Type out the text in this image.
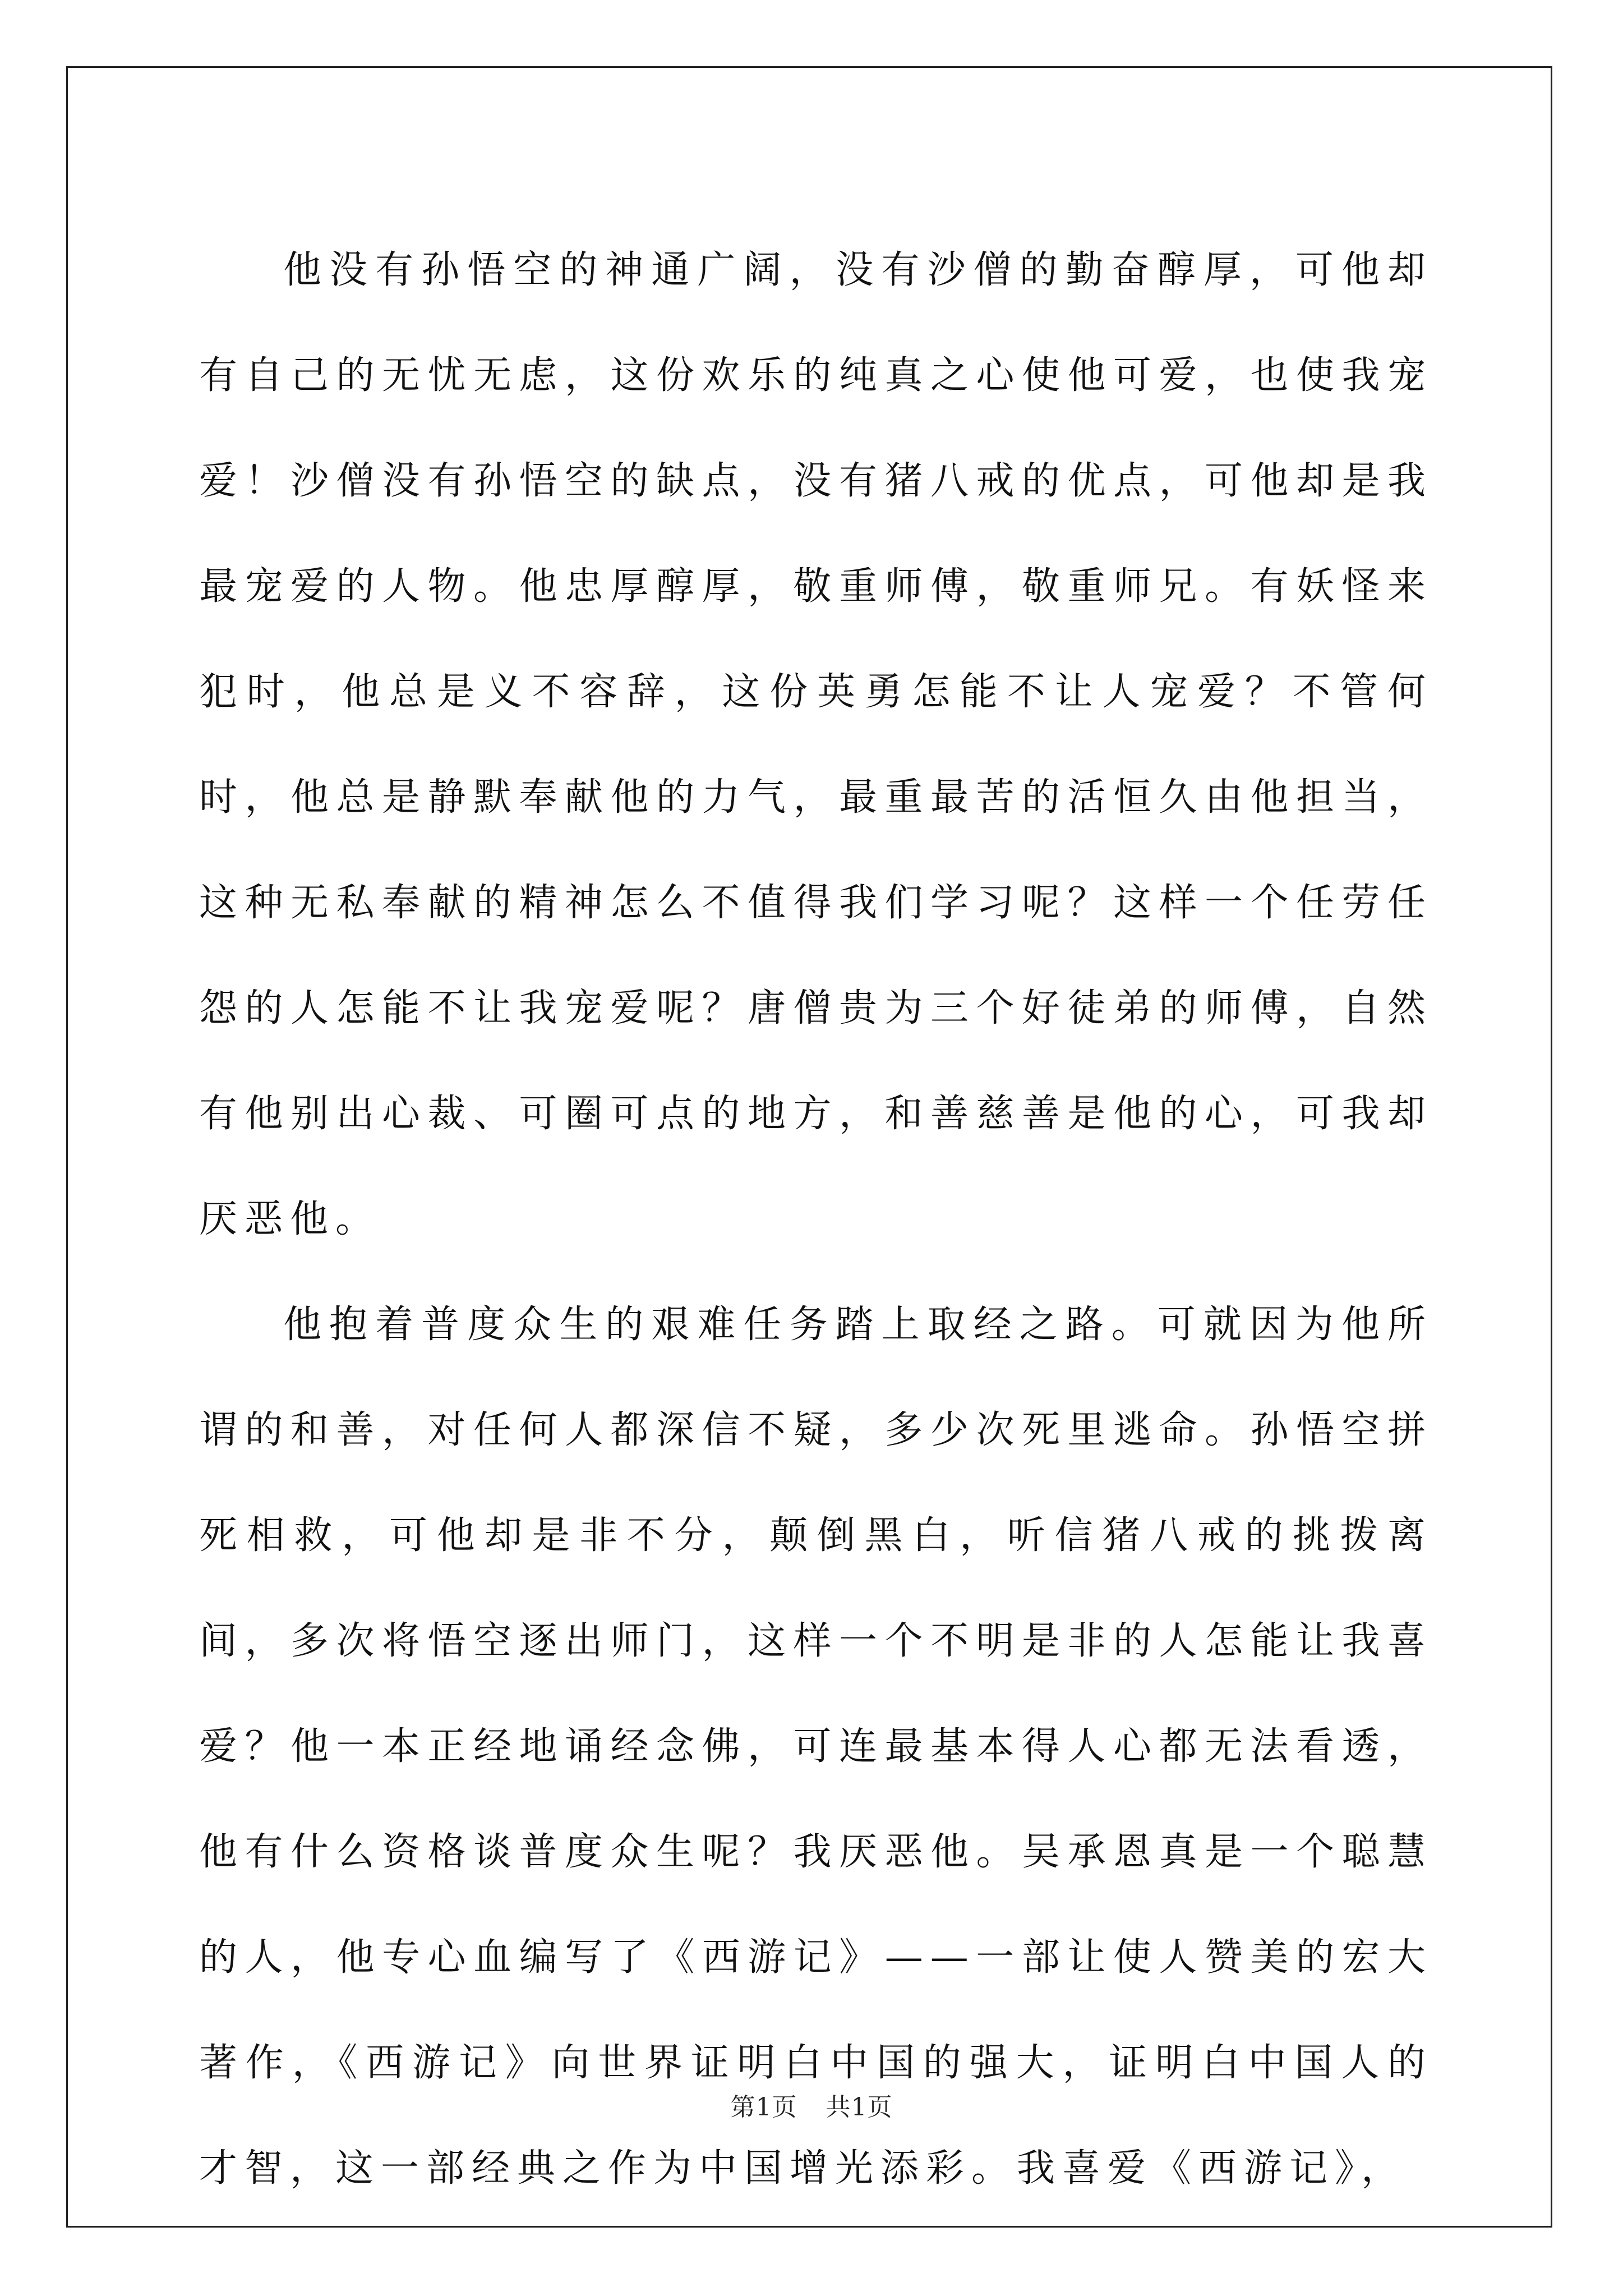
他没有孙悟空的神通广阔，没有沙僧的勤奋醇厚，可他却有自己的无忧无虑，这份欢乐的纯真之心使他可爱，也使我宠爱！沙僧没有孙悟空的缺点，没有猪八戒的优点，可他却是我最宠爱的人物。他忠厚醇厚，敬重师傅，敬重师兄。有妖怪来犯时，他总是义不容辞，这份英勇怎能不让人宠爱？不管何时，他总是静默奉献他的力气，最重最苦的活恒久由他担当，这种无私奉献的精神怎么不值得我们学习呢？这样一个任劳任怨的人怎能不让我宠爱呢？唐僧贵为三个好徒弟的师傅，自然有他别出心裁、可圈可点的地方，和善慈善是他的心，可我却厌恶他。

他抱着普度众生的艰难任务踏上取经之路。可就因为他所谓的和善，对任何人都深信不疑，多少次死里逃命。孙悟空拼死相救，可他却是非不分，颠倒黑白，听信猪八戒的挑拨离间，多次将悟空逐出师门，这样一个不明是非的人怎能让我喜爱？他一本正经地诵经念佛，可连最基本得人心都无法看透，他有什么资格谈普度众生呢？我厌恶他。吴承恩真是一个聪慧的人，他专心血编写了《西游记》——一部让使人赞美的宏大著作，《西游记》向世界证明白中国的强大，证明白中国人的才智，这一部经典之作为中国增光添彩。我喜爱《西游记》，

第1页 共1页
